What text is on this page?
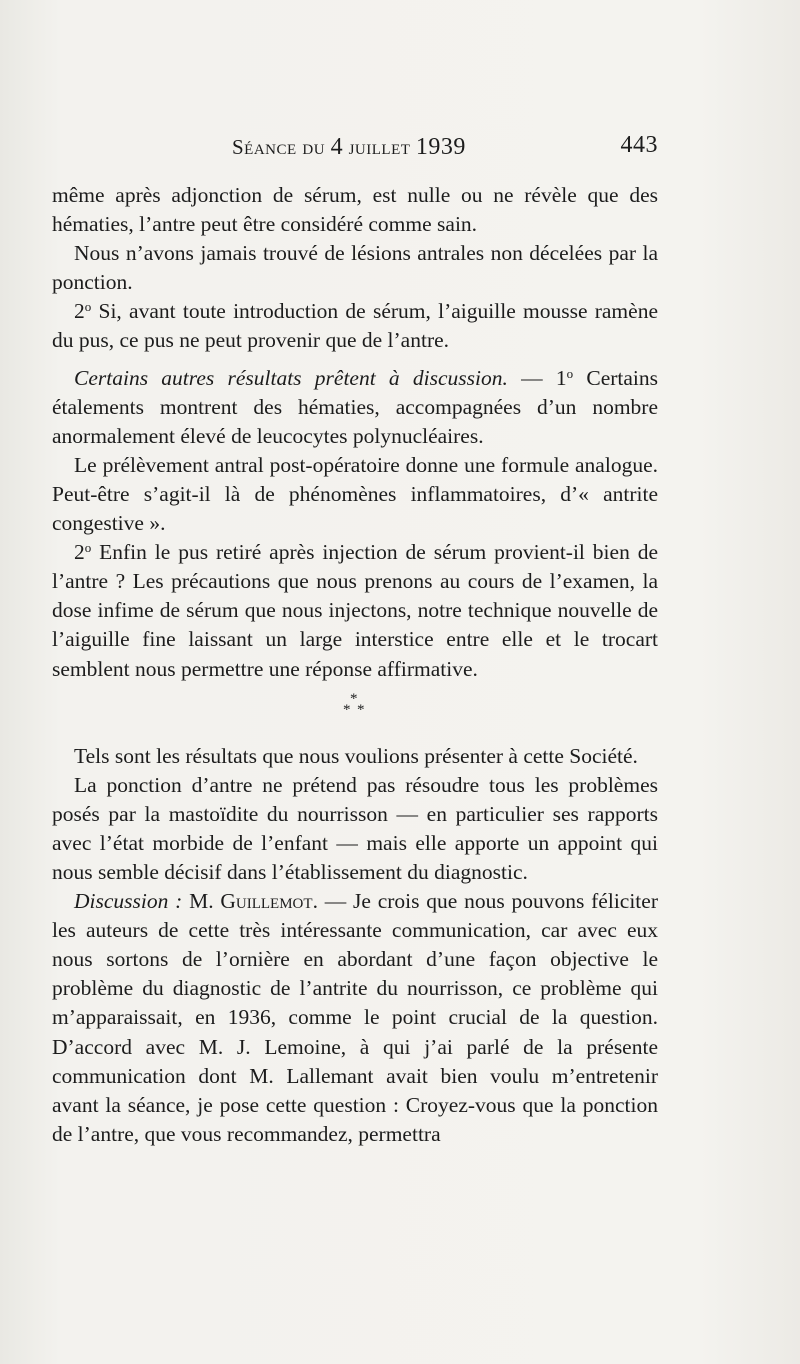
Séance du 4 juillet 1939	443

même après adjonction de sérum, est nulle ou ne révèle que des hématies, l’antre peut être considéré comme sain.

Nous n’avons jamais trouvé de lésions antrales non décelées par la ponction.

2$^o$ Si, avant toute introduction de sérum, l’aiguille mousse ramène du pus, ce pus ne peut provenir que de l’antre.

Certains autres résultats prêtent à discussion. — 1$^o$ Certains étalements montrent des hématies, accompagnées d’un nombre anormalement élevé de leucocytes polynucléaires.

Le prélèvement antral post-opératoire donne une formule analogue. Peut-être s’agit-il là de phénomènes inflammatoires, d’« antrite congestive ».

2$^o$ Enfin le pus retiré après injection de sérum provient-il bien de l’antre ? Les précautions que nous prenons au cours de l’examen, la dose infime de sérum que nous injectons, notre technique nouvelle de l’aiguille fine laissant un large interstice entre elle et le trocart semblent nous permettre une réponse affirmative.

*
* *

Tels sont les résultats que nous voulions présenter à cette Société.

La ponction d’antre ne prétend pas résoudre tous les problèmes posés par la mastoïdite du nourrisson — en particulier ses rapports avec l’état morbide de l’enfant — mais elle apporte un appoint qui nous semble décisif dans l’établissement du diagnostic.

Discussion : M. Guillemot. — Je crois que nous pouvons féliciter les auteurs de cette très intéressante communication, car avec eux nous sortons de l’ornière en abordant d’une façon objective le problème du diagnostic de l’antrite du nourrisson, ce problème qui m’apparaissait, en 1936, comme le point crucial de la question. D’accord avec M. J. Lemoine, à qui j’ai parlé de la présente communication dont M. Lallemant avait bien voulu m’entretenir avant la séance, je pose cette question : Croyez-vous que la ponction de l’antre, que vous recommandez, permettra
